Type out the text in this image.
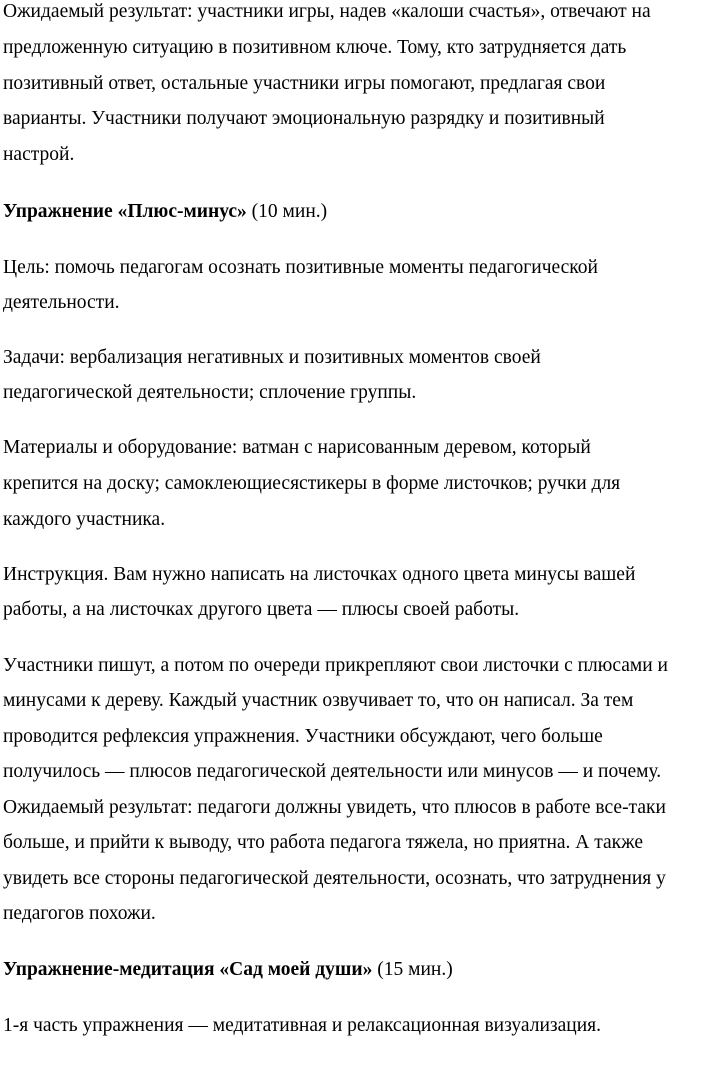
Ожидаемый результат: участники игры, надев «калоши счастья», отвечают на
предложенную ситуацию в позитивном ключе. Тому, кто затрудняется дать
позитивный ответ, остальные участники игры помогают, предлагая свои
варианты. Участники получают эмоциональную разрядку и позитивный
настрой.
Упражнение «Плюс-минус» (10 мин.)
Цель: помочь педагогам осознать позитивные моменты педагогической
деятельности.
Задачи: вербализация негативных и позитивных моментов своей
педагогической деятельности; сплочение группы.
Материалы и оборудование: ватман с нарисованным деревом, который
крепится на доску; самоклеющиесястикеры в форме листочков; ручки для
каждого участника.
Инструкция. Вам нужно написать на листочках одного цвета минусы вашей
работы, а на листочках другого цвета — плюсы своей работы.
Участники пишут, а потом по очереди прикрепляют свои листочки с плюсами и
минусами к дереву. Каждый участник озвучивает то, что он написал. За тем
проводится рефлексия упражнения. Участники обсуждают, чего больше
получилось — плюсов педагогической деятельности или минусов — и почему.
Ожидаемый результат: педагоги должны увидеть, что плюсов в работе все-таки
больше, и прийти к выводу, что работа педагога тяжела, но приятна. А также
увидеть все стороны педагогической деятельности, осознать, что затруднения у
педагогов похожи.
Упражнение-медитация «Сад моей души» (15 мин.)
1-я часть упражнения — медитативная и релаксационная визуализация.
